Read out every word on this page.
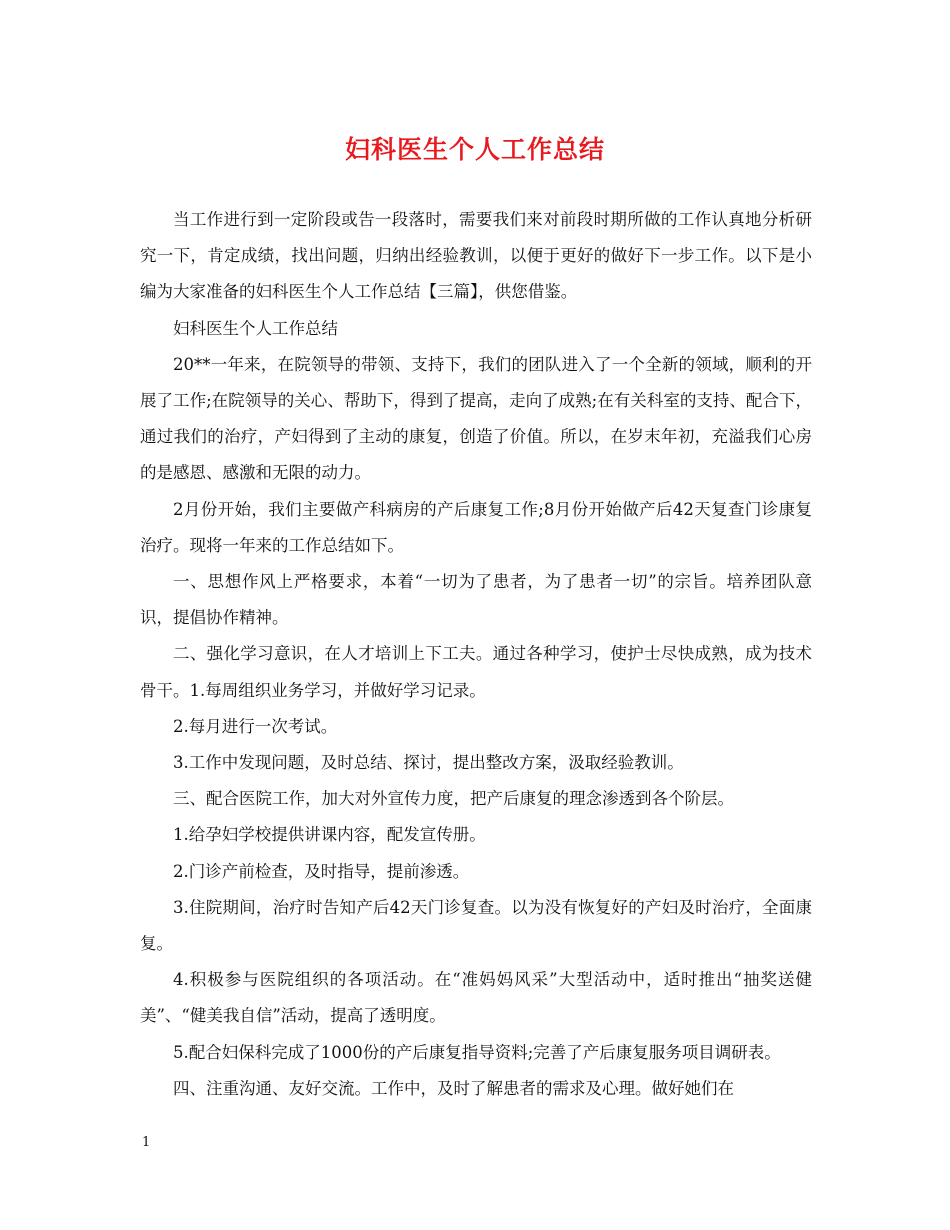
妇科医生个人工作总结

当工作进行到一定阶段或告一段落时，需要我们来对前段时期所做的工作认真地分析研究一下，肯定成绩，找出问题，归纳出经验教训，以便于更好的做好下一步工作。以下是小编为大家准备的妇科医生个人工作总结【三篇】，供您借鉴。

妇科医生个人工作总结

20**一年来，在院领导的带领、支持下，我们的团队进入了一个全新的领域，顺利的开展了工作;在院领导的关心、帮助下，得到了提高，走向了成熟;在有关科室的支持、配合下，通过我们的治疗，产妇得到了主动的康复，创造了价值。所以，在岁末年初，充溢我们心房的是感恩、感激和无限的动力。

2月份开始，我们主要做产科病房的产后康复工作;8月份开始做产后42天复查门诊康复治疗。现将一年来的工作总结如下。

一、思想作风上严格要求，本着“一切为了患者，为了患者一切”的宗旨。培养团队意识，提倡协作精神。

二、强化学习意识，在人才培训上下工夫。通过各种学习，使护士尽快成熟，成为技术骨干。1.每周组织业务学习，并做好学习记录。

2.每月进行一次考试。

3.工作中发现问题，及时总结、探讨，提出整改方案，汲取经验教训。

三、配合医院工作，加大对外宣传力度，把产后康复的理念渗透到各个阶层。

1.给孕妇学校提供讲课内容，配发宣传册。

2.门诊产前检查，及时指导，提前渗透。

3.住院期间，治疗时告知产后42天门诊复查。以为没有恢复好的产妇及时治疗，全面康复。

4.积极参与医院组织的各项活动。在“准妈妈风采”大型活动中，适时推出“抽奖送健美”、“健美我自信”活动，提高了透明度。

5.配合妇保科完成了1000份的产后康复指导资料;完善了产后康复服务项目调研表。

四、注重沟通、友好交流。工作中，及时了解患者的需求及心理。做好她们在

1
